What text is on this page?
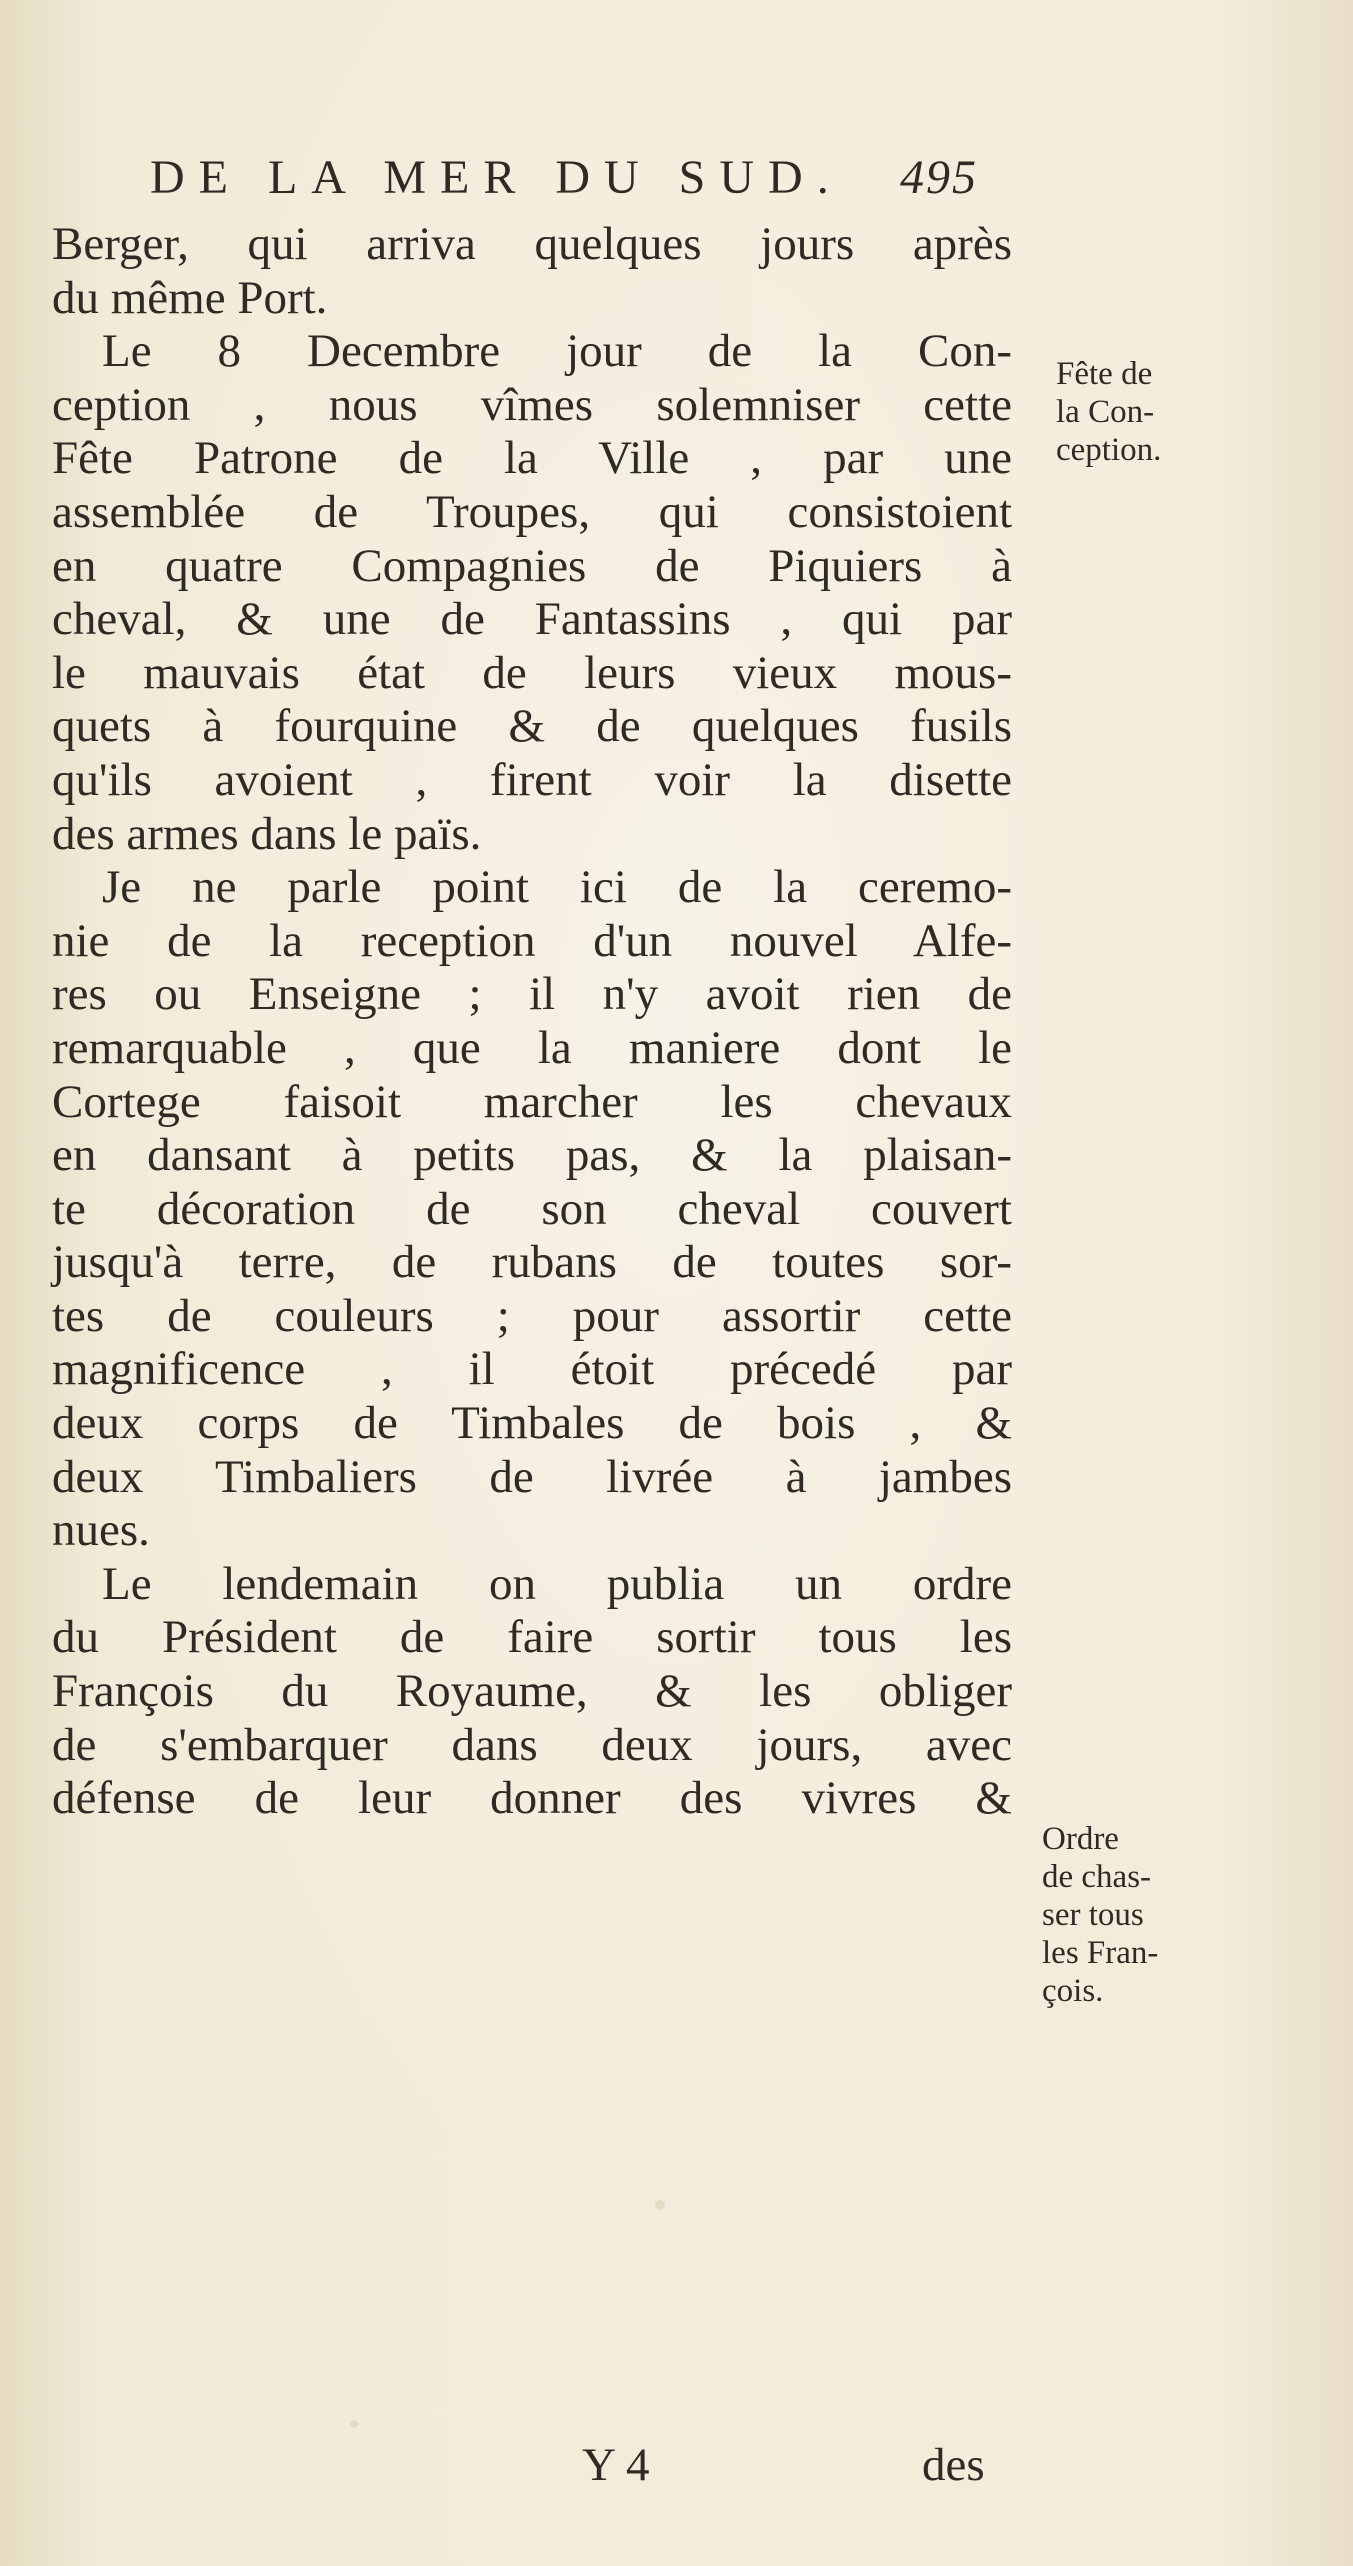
DE LA MER DU SUD. 495
Berger, qui arriva quelques jours après
du même Port.
Le 8 Decembre jour de la Con-
ception , nous vîmes solemniser cette
Fête Patrone de la Ville , par une
assemblée de Troupes, qui consistoient
en quatre Compagnies de Piquiers à
cheval, & une de Fantassins , qui par
le mauvais état de leurs vieux mous-
quets à fourquine & de quelques fusils
qu'ils avoient , firent voir la disette
des armes dans le païs.
Je ne parle point ici de la ceremo-
nie de la reception d'un nouvel Alfe-
res ou Enseigne ; il n'y avoit rien de
remarquable , que la maniere dont le
Cortege faisoit marcher les chevaux
en dansant à petits pas, & la plaisan-
te décoration de son cheval couvert
jusqu'à terre, de rubans de toutes sor-
tes de couleurs ; pour assortir cette
magnificence , il étoit précedé par
deux corps de Timbales de bois , &
deux Timbaliers de livrée à jambes
nues.
Le lendemain on publia un ordre
du Président de faire sortir tous les
François du Royaume, & les obliger
de s'embarquer dans deux jours, avec
défense de leur donner des vivres &
Fête de
la Con-
ception.
Ordre
de chas-
ser tous
les Fran-
çois.
Y 4	des
